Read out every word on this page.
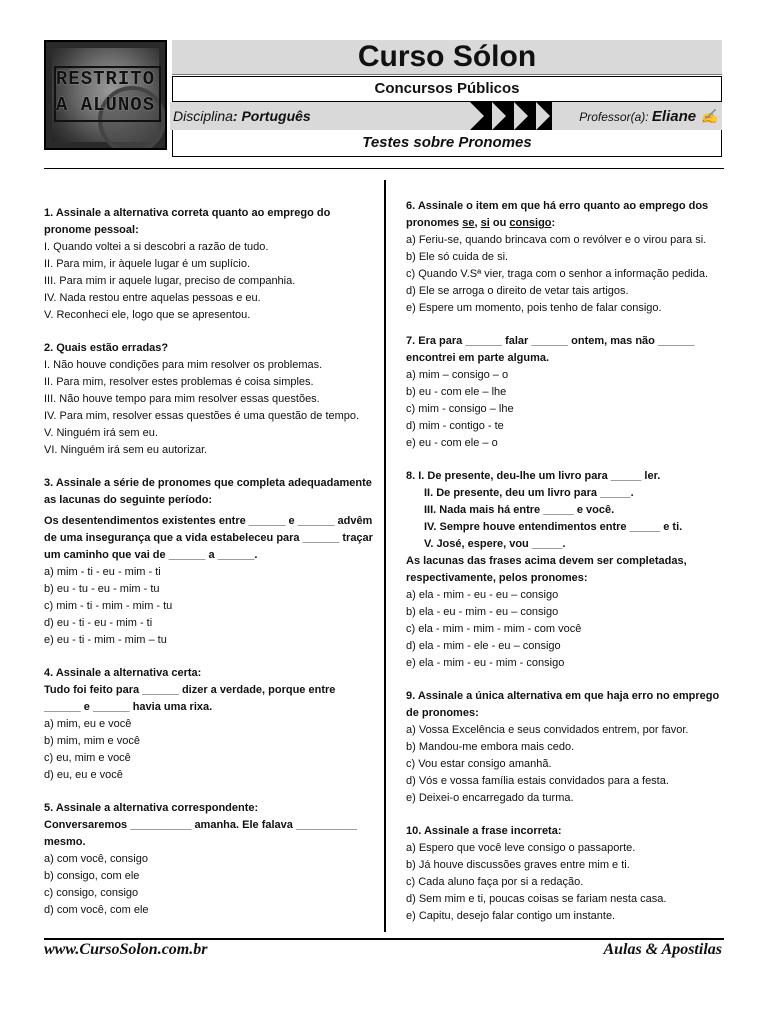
RESTRITO
A ALUNOS
Curso Sólon
Concursos Públicos
Disciplina: Português	Professor(a): Eliane ✍
Testes sobre Pronomes

1. Assinale a alternativa correta quanto ao emprego do pronome pessoal:

I. Quando voltei a si descobri a razão de tudo.

II. Para mim, ir àquele lugar é um suplício.

III. Para mim ir aquele lugar, preciso de companhia.

IV. Nada restou entre aquelas pessoas e eu.

V. Reconheci ele, logo que se apresentou.

2. Quais estão erradas?

I. Não houve condições para mim resolver os problemas.

II. Para mim, resolver estes problemas é coisa simples.

III. Não houve tempo para mim resolver essas questões.

IV. Para mim, resolver essas questões é uma questão de tempo.

V. Ninguém irá sem eu.

VI. Ninguém irá sem eu autorizar.

3. Assinale a série de pronomes que completa adequadamente as lacunas do seguinte período:

Os desentendimentos existentes entre ______ e ______ advêm de uma insegurança que a vida estabeleceu para ______ traçar um caminho que vai de ______ a ______.

a) mim - ti - eu - mim - ti

b) eu - tu - eu - mim - tu

c) mim - ti - mim - mim - tu

d) eu - ti - eu - mim - ti

e) eu - ti - mim - mim – tu

4. Assinale a alternativa certa:

Tudo foi feito para ______ dizer a verdade, porque entre ______ e ______ havia uma rixa.

a) mim, eu e você

b) mim, mim e você

c) eu, mim e você

d) eu, eu e você

5. Assinale a alternativa correspondente:

Conversaremos __________ amanha. Ele falava __________ mesmo.

a) com você, consigo

b) consigo, com ele

c) consigo, consigo

d) com você, com ele

6. Assinale o item em que há erro quanto ao emprego dos pronomes se, si ou consigo:

a) Feriu-se, quando brincava com o revólver e o virou para si.

b) Ele só cuida de si.

c) Quando V.Sª vier, traga com o senhor a informação pedida.

d) Ele se arroga o direito de vetar tais artigos.

e) Espere um momento, pois tenho de falar consigo.

7. Era para ______ falar ______ ontem, mas não ______ encontrei em parte alguma.

a) mim – consigo – o

b) eu - com ele – lhe

c) mim - consigo – lhe

d) mim - contigo - te

e) eu - com ele – o

8. I. De presente, deu-lhe um livro para _____ ler.

II. De presente, deu um livro para _____.

III. Nada mais há entre _____ e você.

IV. Sempre houve entendimentos entre _____ e ti.

V. José, espere, vou _____.

As lacunas das frases acima devem ser completadas, respectivamente, pelos pronomes:

a) ela - mim - eu - eu – consigo

b) ela - eu - mim - eu – consigo

c) ela - mim - mim - mim - com você

d) ela - mim - ele - eu – consigo

e) ela - mim - eu - mim - consigo

9. Assinale a única alternativa em que haja erro no emprego de pronomes:

a) Vossa Excelência e seus convidados entrem, por favor.

b) Mandou-me embora mais cedo.

c) Vou estar consigo amanhã.

d) Vós e vossa família estais convidados para a festa.

e) Deixei-o encarregado da turma.

10. Assinale a frase incorreta:

a) Espero que você leve consigo o passaporte.

b) Já houve discussões graves entre mim e ti.

c) Cada aluno faça por si a redação.

d) Sem mim e ti, poucas coisas se fariam nesta casa.

e) Capitu, desejo falar contigo um instante.

www.CursoSolon.com.br	Aulas & Apostilas
